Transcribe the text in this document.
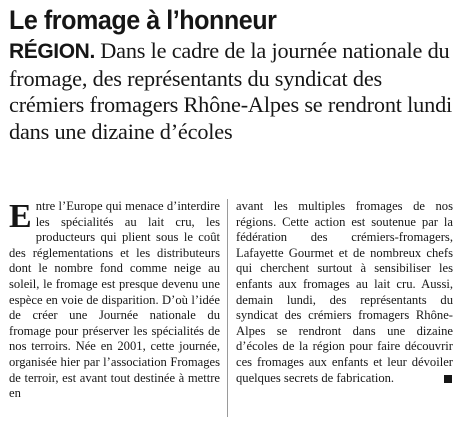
Le fromage à l’honneur

RÉGION. Dans le cadre de la journée nationale du fromage, des représentants du syndicat des crémiers fromagers Rhône-Alpes se rendront lundi dans une dizaine d’écoles

Entre l’Europe qui menace d’interdire les spécialités au lait cru, les producteurs qui plient sous le coût des réglementations et les distributeurs dont le nombre fond comme neige au soleil, le fromage est presque devenu une espèce en voie de disparition. D’où l’idée de créer une Journée nationale du fromage pour préserver les spécialités de nos terroirs. Née en 2001, cette journée, organisée hier par l’association Fromages de terroir, est avant tout destinée à mettre en

avant les multiples fromages de nos régions. Cette action est soutenue par la fédération des crémiers-fromagers, Lafayette Gourmet et de nombreux chefs qui cherchent surtout à sensibiliser les enfants aux fromages au lait cru. Aussi, demain lundi, des représentants du syndicat des crémiers fromagers Rhône-Alpes se rendront dans une dizaine d’écoles de la région pour faire découvrir ces fromages aux enfants et leur dévoiler quelques secrets de fabrication.
